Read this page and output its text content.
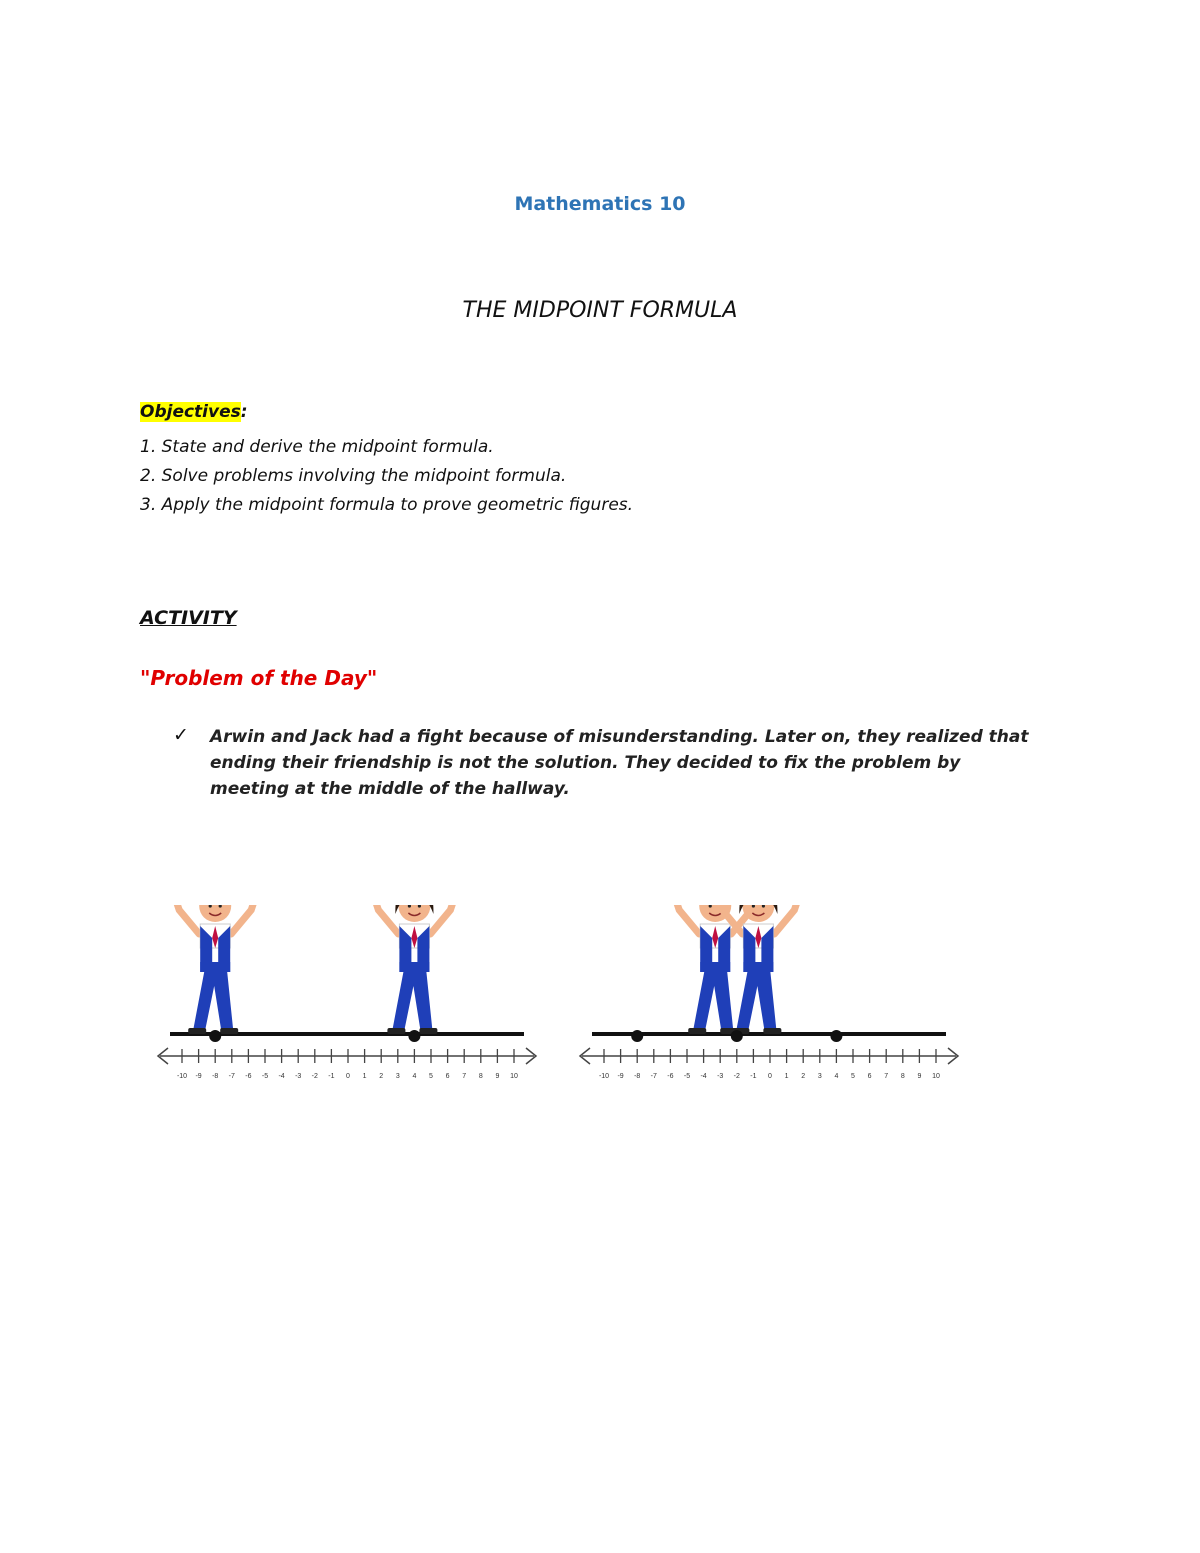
Mathematics 10
THE MIDPOINT FORMULA
Objectives:
1. State and derive the midpoint formula.
2. Solve problems involving the midpoint formula.
3. Apply the midpoint formula to prove geometric figures.
ACTIVITY
"Problem of the Day"
✓ Arwin and Jack had a fight because of misunderstanding. Later on, they realized that ending their friendship is not the solution. They decided to fix the problem by meeting at the middle of the hallway.
-10 -9 -8 -7 -6 -5 -4 -3 -2 -1 0 1 2 3 4 5 6 7 8 9 10	-10 -9 -8 -7 -6 -5 -4 -3 -2 -1 0 1 2 3 4 5 6 7 8 9 10
